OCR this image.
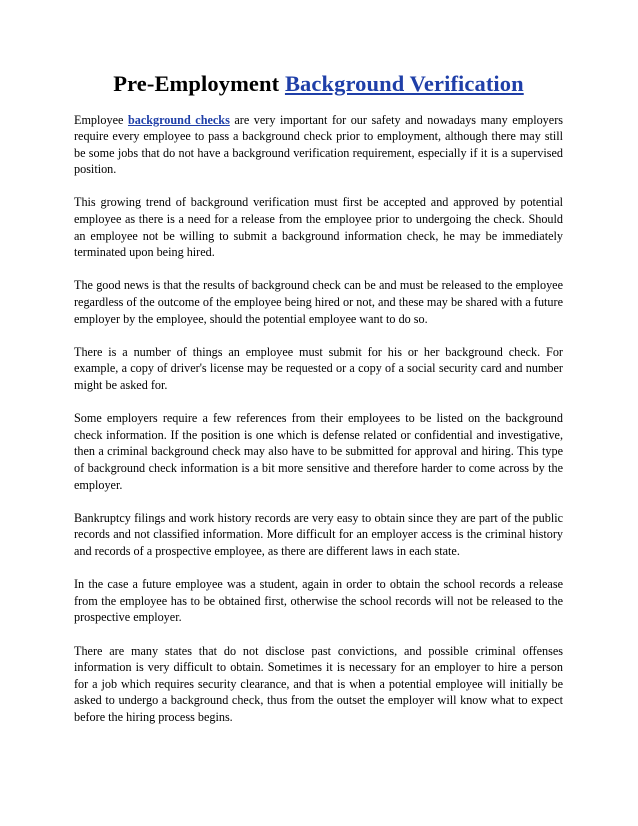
Pre-Employment Background Verification

Employee background checks are very important for our safety and nowadays many employers require every employee to pass a background check prior to employment, although there may still be some jobs that do not have a background verification requirement, especially if it is a supervised position.

This growing trend of background verification must first be accepted and approved by potential employee as there is a need for a release from the employee prior to undergoing the check. Should an employee not be willing to submit a background information check, he may be immediately terminated upon being hired.

The good news is that the results of background check can be and must be released to the employee regardless of the outcome of the employee being hired or not, and these may be shared with a future employer by the employee, should the potential employee want to do so.

There is a number of things an employee must submit for his or her background check. For example, a copy of driver's license may be requested or a copy of a social security card and number might be asked for.

Some employers require a few references from their employees to be listed on the background check information. If the position is one which is defense related or confidential and investigative, then a criminal background check may also have to be submitted for approval and hiring. This type of background check information is a bit more sensitive and therefore harder to come across by the employer.

Bankruptcy filings and work history records are very easy to obtain since they are part of the public records and not classified information. More difficult for an employer access is the criminal history and records of a prospective employee, as there are different laws in each state.

In the case a future employee was a student, again in order to obtain the school records a release from the employee has to be obtained first, otherwise the school records will not be released to the prospective employer.

There are many states that do not disclose past convictions, and possible criminal offenses information is very difficult to obtain. Sometimes it is necessary for an employer to hire a person for a job which requires security clearance, and that is when a potential employee will initially be asked to undergo a background check, thus from the outset the employer will know what to expect before the hiring process begins.
